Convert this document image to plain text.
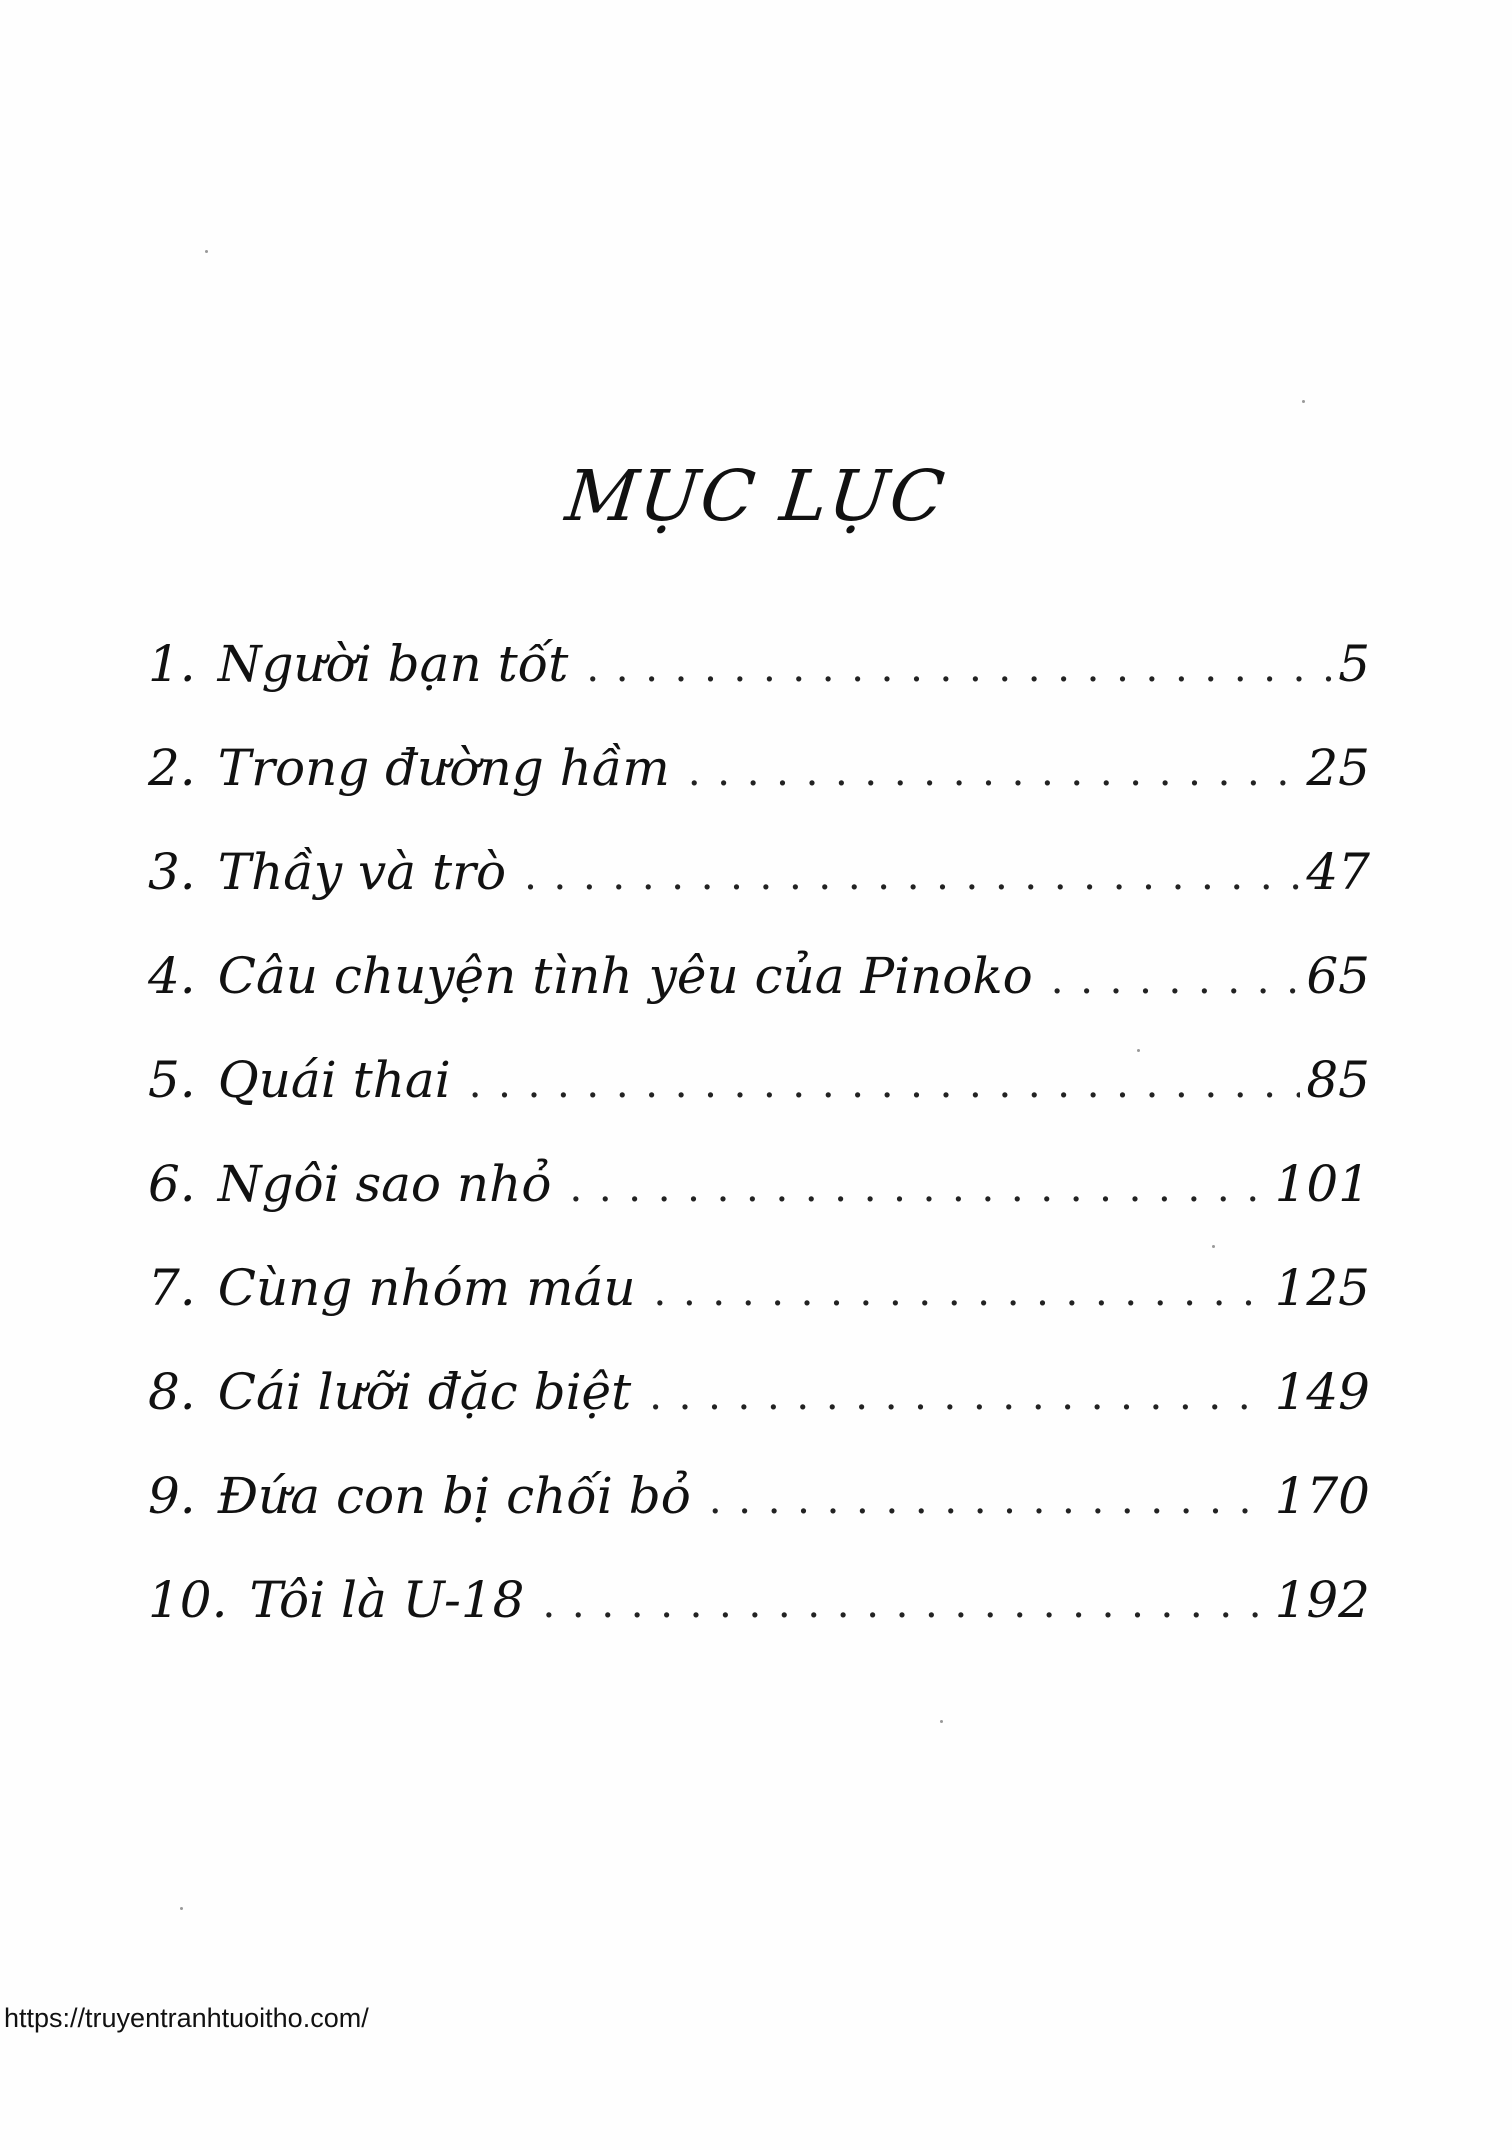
MỤC LỤC
1. Người bạn tốt . . .	5
2. Trong đường hầm . . .	25
3. Thầy và trò . . .	47
4. Câu chuyện tình yêu của Pinoko . . .	65
5. Quái thai . . .	85
6. Ngôi sao nhỏ . . .	101
7. Cùng nhóm máu . . .	125
8. Cái lưỡi đặc biệt . . .	149
9. Đứa con bị chối bỏ . . .	170
10. Tôi là U-18 . . .	192
https://truyentranhtuoitho.com/
